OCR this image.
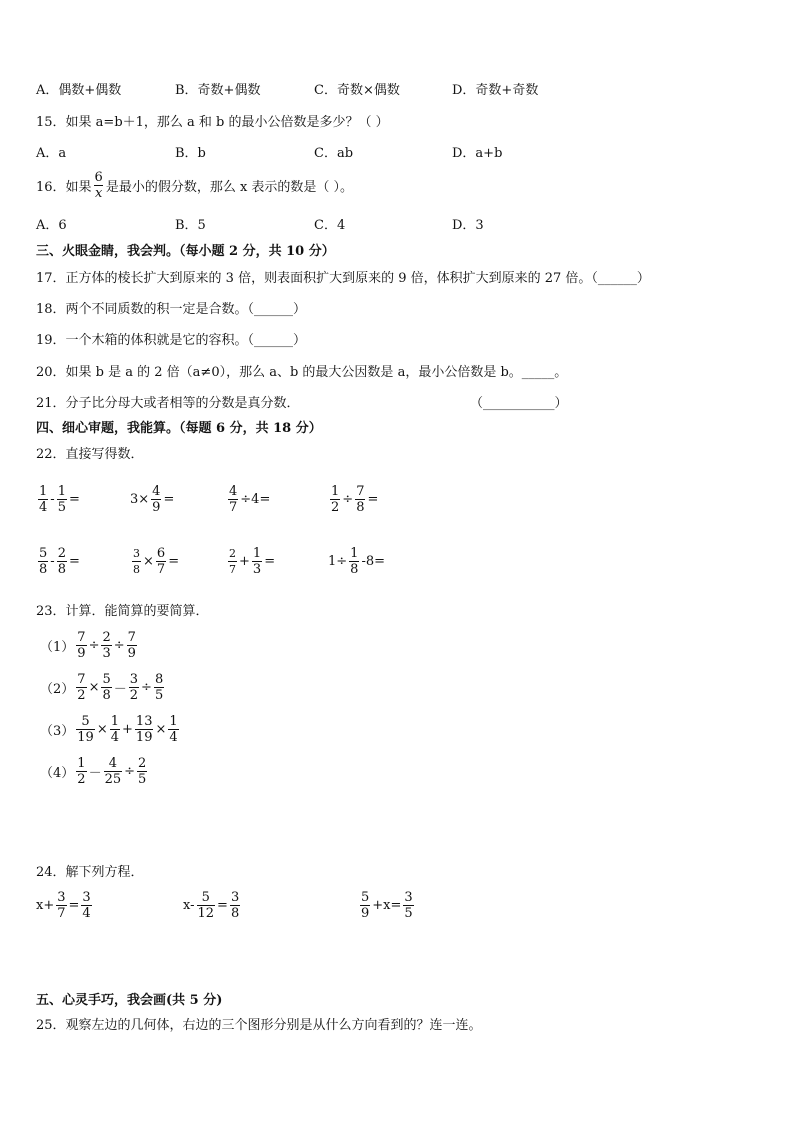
A．偶数+偶数	B．奇数+偶数	C．奇数×偶数	D．奇数+奇数
15．如果 a=b＋1，那么 a 和 b 的最小公倍数是多少？（ ）
A．a	B．b	C．ab	D．a+b
16．如果 $\frac{6}{x}$ 是最小的假分数，那么 x 表示的数是（ ）。
A．6	B．5	C．4	D．3
三、火眼金睛，我会判。（每小题 2 分，共 10 分）
17．正方体的棱长扩大到原来的 3 倍，则表面积扩大到原来的 9 倍，体积扩大到原来的 27 倍。（______）
18．两个不同质数的积一定是合数。（______）
19．一个木箱的体积就是它的容积。（______）
20．如果 b 是 a 的 2 倍（a≠0），那么 a、b 的最大公因数是 a，最小公倍数是 b。_____。
21．分子比分母大或者相等的分数是真分数．	（___________）
四、细心审题，我能算。（每题 6 分，共 18 分）
22．直接写得数．
$\frac{1}{4} - \frac{1}{5}$ =	$3\times \frac{4}{9}$ =	$\frac{4}{7} \div 4=$	$\frac{1}{2} \div \frac{7}{8}$ =
$\frac{5}{8} - \frac{2}{8}$ =	$\frac{3}{8} \times \frac{6}{7}$ =	$\frac{2}{7} + \frac{1}{3}$ =	$1\div \frac{1}{8} -8=$
23．计算．能简算的要简算．
$(1) \frac{7}{9} \div \frac{2}{3} \div \frac{7}{9}$
$(2) \frac{7}{2} \times \frac{5}{8} - \frac{3}{2} \div \frac{8}{5}$
$(3) \frac{5}{19} \times \frac{1}{4} + \frac{13}{19} \times \frac{1}{4}$
$(4) \frac{1}{2} - \frac{4}{25} \div \frac{2}{5}$
24．解下列方程．
$x+ \frac{3}{7} = \frac{3}{4}$	$x- \frac{5}{12} = \frac{3}{8}$	$\frac{5}{9} +x= \frac{3}{5}$
五、心灵手巧，我会画(共 5 分)
25．观察左边的几何体，右边的三个图形分别是从什么方向看到的？连一连。
